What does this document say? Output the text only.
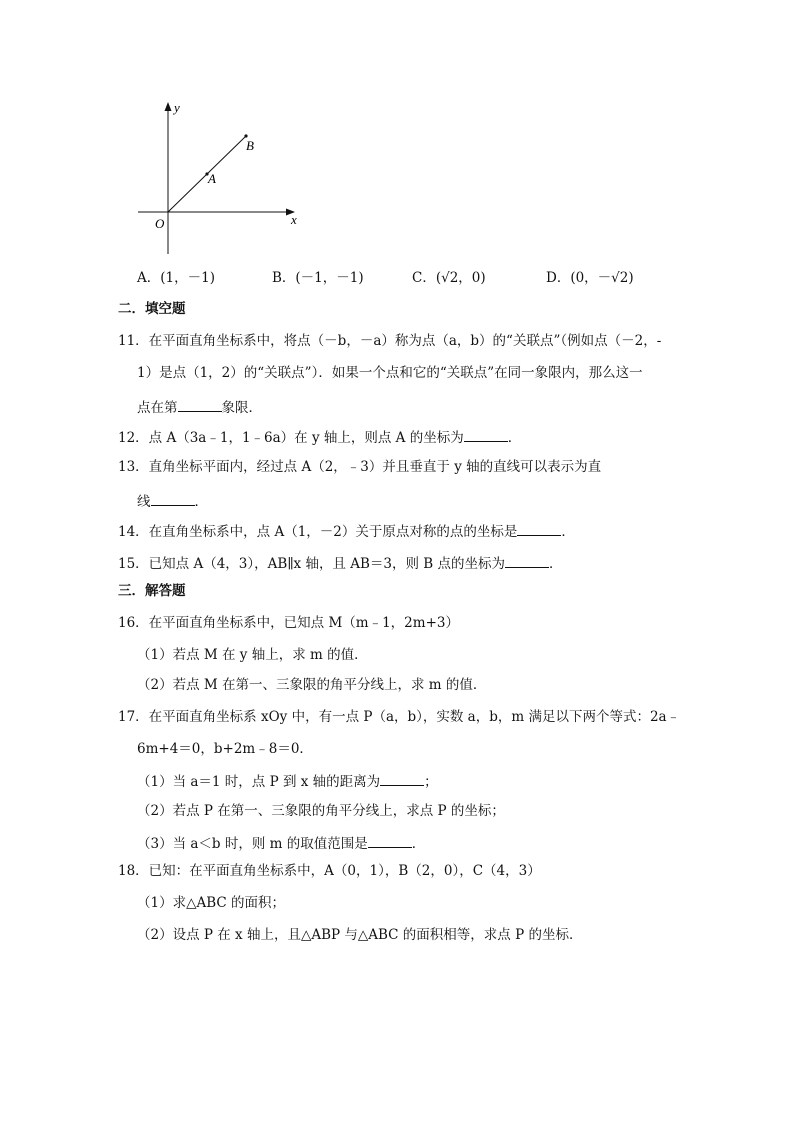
y
x
O
A
B
A．(1，－1)	B．(－1，－1)	C．(√2，0)	D．(0，－√2)
二．填空题
11．在平面直角坐标系中，将点（－b，－a）称为点（a，b）的“关联点”（例如点（－2，-
1）是点（1，2）的“关联点”）．如果一个点和它的“关联点”在同一象限内，那么这一
点在第	象限．
12．点 A（3a﹣1，1﹣6a）在 y 轴上，则点 A 的坐标为	．
13．直角坐标平面内，经过点 A（2，﹣3）并且垂直于 y 轴的直线可以表示为直
线	．
14．在直角坐标系中，点 A（1，－2）关于原点对称的点的坐标是	．
15．已知点 A（4，3），AB∥x 轴，且 AB＝3，则 B 点的坐标为	．
三．解答题
16．在平面直角坐标系中，已知点 M（m﹣1，2m+3）
（1）若点 M 在 y 轴上，求 m 的值．
（2）若点 M 在第一、三象限的角平分线上，求 m 的值．
17．在平面直角坐标系 xOy 中，有一点 P（a，b），实数 a，b，m 满足以下两个等式：2a﹣
6m+4＝0，b+2m﹣8＝0．
（1）当 a＝1 时，点 P 到 x 轴的距离为	；
（2）若点 P 在第一、三象限的角平分线上，求点 P 的坐标；
（3）当 a＜b 时，则 m 的取值范围是	．
18．已知：在平面直角坐标系中，A（0，1），B（2，0），C（4，3）
（1）求△ABC 的面积；
（2）设点 P 在 x 轴上，且△ABP 与△ABC 的面积相等，求点 P 的坐标．
